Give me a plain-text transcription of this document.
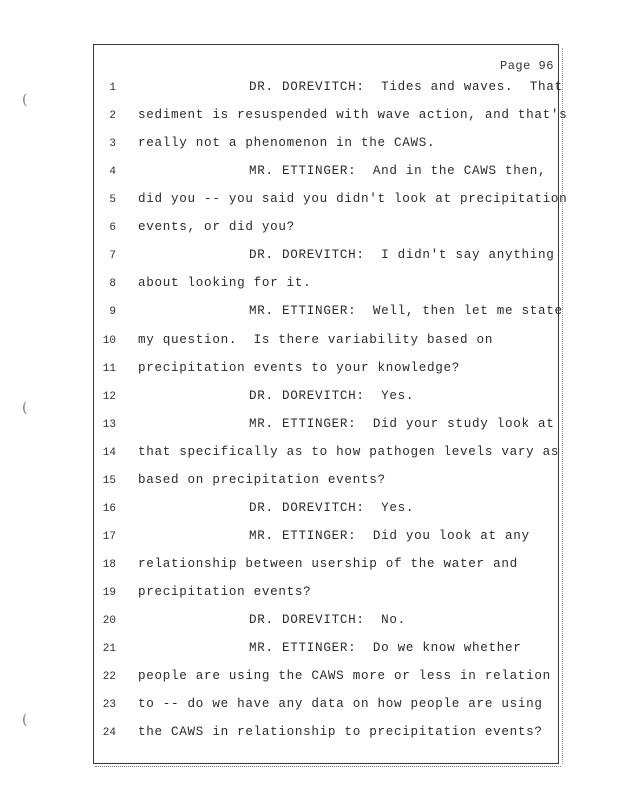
(
(
(
Page 96
1	DR. DOREVITCH:  Tides and waves.  That
2 sediment is resuspended with wave action, and that's
3 really not a phenomenon in the CAWS.
4	MR. ETTINGER:  And in the CAWS then,
5 did you -- you said you didn't look at precipitation
6 events, or did you?
7	DR. DOREVITCH:  I didn't say anything
8 about looking for it.
9	MR. ETTINGER:  Well, then let me state
10 my question.  Is there variability based on
11 precipitation events to your knowledge?
12	DR. DOREVITCH:  Yes.
13	MR. ETTINGER:  Did your study look at
14 that specifically as to how pathogen levels vary as
15 based on precipitation events?
16	DR. DOREVITCH:  Yes.
17	MR. ETTINGER:  Did you look at any
18 relationship between usership of the water and
19 precipitation events?
20	DR. DOREVITCH:  No.
21	MR. ETTINGER:  Do we know whether
22 people are using the CAWS more or less in relation
23 to -- do we have any data on how people are using
24 the CAWS in relationship to precipitation events?
